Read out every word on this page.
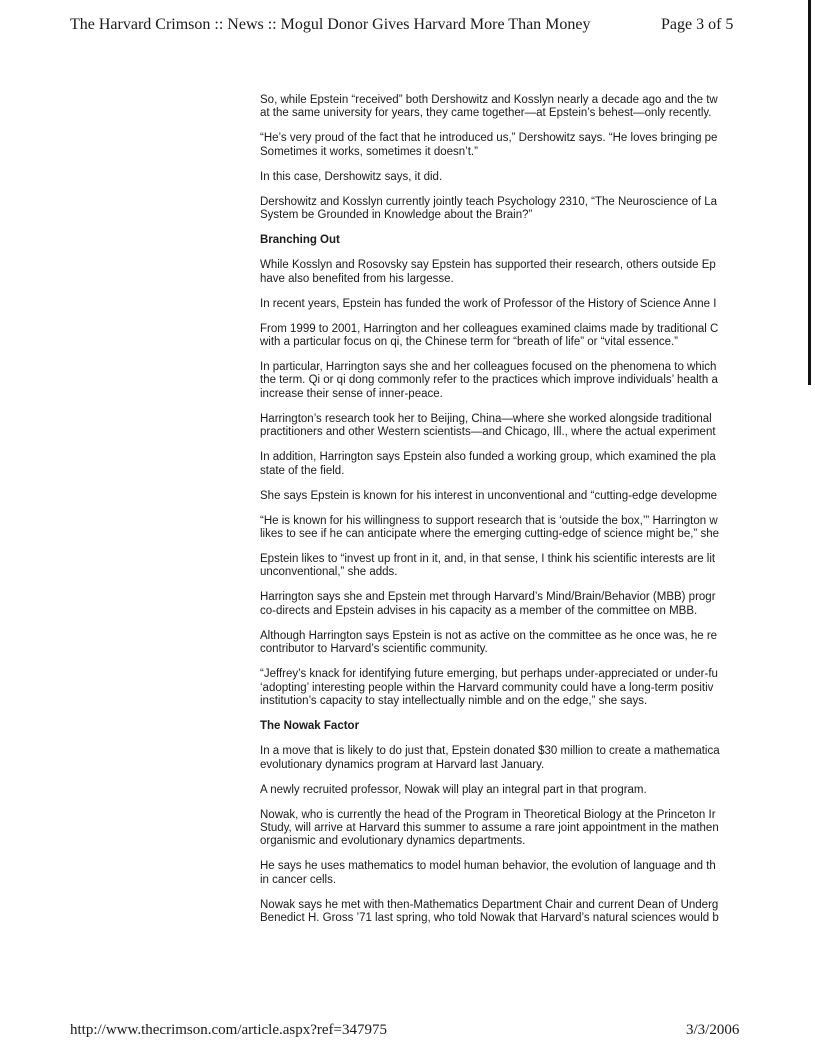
The Harvard Crimson :: News :: Mogul Donor Gives Harvard More Than Money	Page 3 of 5
So, while Epstein “received” both Dershowitz and Kosslyn nearly a decade ago and the tw
at the same university for years, they came together—at Epstein’s behest—only recently.
“He’s very proud of the fact that he introduced us,” Dershowitz says. “He loves bringing pe
Sometimes it works, sometimes it doesn’t.”
In this case, Dershowitz says, it did.
Dershowitz and Kosslyn currently jointly teach Psychology 2310, “The Neuroscience of La
System be Grounded in Knowledge about the Brain?”
Branching Out
While Kosslyn and Rosovsky say Epstein has supported their research, others outside Ep
have also benefited from his largesse.
In recent years, Epstein has funded the work of Professor of the History of Science Anne I
From 1999 to 2001, Harrington and her colleagues examined claims made by traditional C
with a particular focus on qi, the Chinese term for “breath of life” or “vital essence.”
In particular, Harrington says she and her colleagues focused on the phenomena to which
the term. Qi or qi dong commonly refer to the practices which improve individuals’ health a
increase their sense of inner-peace.
Harrington’s research took her to Beijing, China—where she worked alongside traditional
practitioners and other Western scientists—and Chicago, Ill., where the actual experiment
In addition, Harrington says Epstein also funded a working group, which examined the pla
state of the field.
She says Epstein is known for his interest in unconventional and “cutting-edge developme
“He is known for his willingness to support research that is ‘outside the box,’” Harrington w
likes to see if he can anticipate where the emerging cutting-edge of science might be,” she
Epstein likes to “invest up front in it, and, in that sense, I think his scientific interests are lit
unconventional,” she adds.
Harrington says she and Epstein met through Harvard’s Mind/Brain/Behavior (MBB) progr
co-directs and Epstein advises in his capacity as a member of the committee on MBB.
Although Harrington says Epstein is not as active on the committee as he once was, he re
contributor to Harvard’s scientific community.
“Jeffrey’s knack for identifying future emerging, but perhaps under-appreciated or under-fu
‘adopting’ interesting people within the Harvard community could have a long-term positiv
institution’s capacity to stay intellectually nimble and on the edge,” she says.
The Nowak Factor
In a move that is likely to do just that, Epstein donated $30 million to create a mathematica
evolutionary dynamics program at Harvard last January.
A newly recruited professor, Nowak will play an integral part in that program.
Nowak, who is currently the head of the Program in Theoretical Biology at the Princeton Ir
Study, will arrive at Harvard this summer to assume a rare joint appointment in the mathen
organismic and evolutionary dynamics departments.
He says he uses mathematics to model human behavior, the evolution of language and th
in cancer cells.
Nowak says he met with then-Mathematics Department Chair and current Dean of Underg
Benedict H. Gross ’71 last spring, who told Nowak that Harvard’s natural sciences would b
http://www.thecrimson.com/article.aspx?ref=347975	3/3/2006
